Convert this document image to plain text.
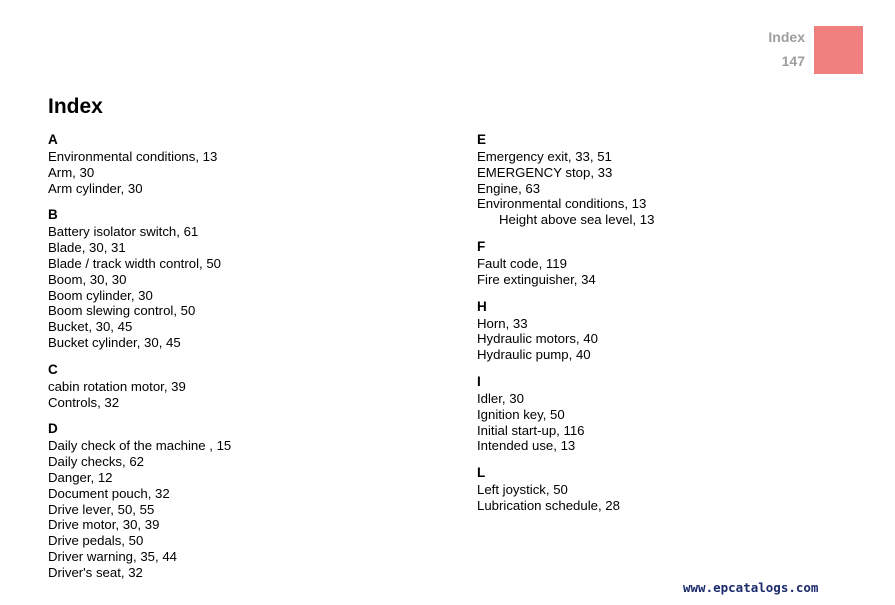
Index
147
Index
A
Environmental conditions, 13
Arm, 30
Arm cylinder, 30
B
Battery isolator switch, 61
Blade, 30, 31
Blade / track width control, 50
Boom, 30, 30
Boom cylinder, 30
Boom slewing control, 50
Bucket, 30, 45
Bucket cylinder, 30, 45
C
cabin rotation motor, 39
Controls, 32
D
Daily check of the machine , 15
Daily checks, 62
Danger, 12
Document pouch, 32
Drive lever, 50, 55
Drive motor, 30, 39
Drive pedals, 50
Driver warning, 35, 44
Driver's seat, 32
E
Emergency exit, 33, 51
EMERGENCY stop, 33
Engine, 63
Environmental conditions, 13
Height above sea level, 13
F
Fault code, 119
Fire extinguisher, 34
H
Horn, 33
Hydraulic motors, 40
Hydraulic pump, 40
I
Idler, 30
Ignition key, 50
Initial start-up, 116
Intended use, 13
L
Left joystick, 50
Lubrication schedule, 28
www.epcatalogs.com
